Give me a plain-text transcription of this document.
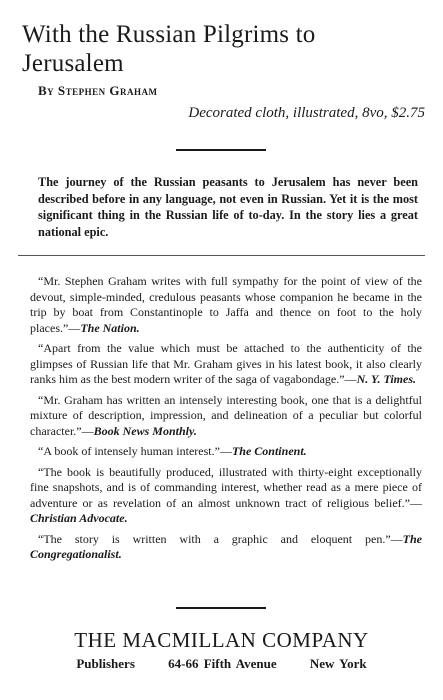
With the Russian Pilgrims to Jerusalem
By Stephen Graham
Decorated cloth, illustrated, 8vo, $2.75

The journey of the Russian peasants to Jerusalem has never been described before in any language, not even in Russian. Yet it is the most significant thing in the Russian life of to-day. In the story lies a great national epic.

“Mr. Stephen Graham writes with full sympathy for the point of view of the devout, simple-minded, credulous peasants whose companion he became in the trip by boat from Constantinople to Jaffa and thence on foot to the holy places.”—The Nation.

“Apart from the value which must be attached to the authenticity of the glimpses of Russian life that Mr. Graham gives in his latest book, it also clearly ranks him as the best modern writer of the saga of vagabondage.”—N. Y. Times.

“Mr. Graham has written an intensely interesting book, one that is a delightful mixture of description, impression, and delineation of a peculiar but colorful character.”—Book News Monthly.

“A book of intensely human interest.”—The Continent.

“The book is beautifully produced, illustrated with thirty-eight exceptionally fine snapshots, and is of commanding interest, whether read as a mere piece of adventure or as revelation of an almost unknown tract of religious belief.”—Christian Advocate.

“The story is written with a graphic and eloquent pen.”—The Congregationalist.

THE MACMILLAN COMPANY
Publishers	64-66 Fifth Avenue	New York
